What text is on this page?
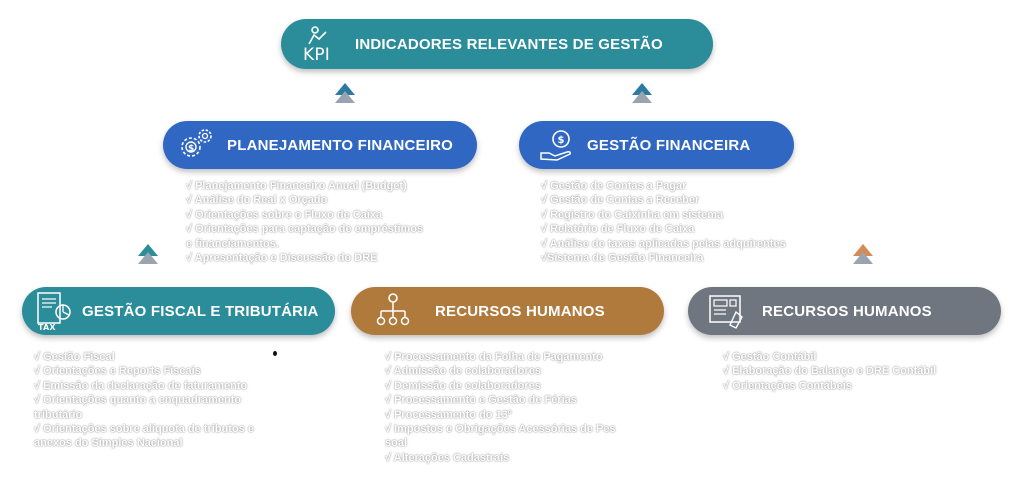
KPI
INDICADORES RELEVANTES DE GESTÃO
$ PLANEJAMENTO FINANCEIRO	$ GESTÃO FINANCEIRA
√ Planejamento Financeiro Anual (Budget)
√ Análise do Real x Orçado
√ Orientações sobre o Fluxo de Caixa
√ Orientações para captação de empréstimos
e financiamentos.
√ Apresentação e Discussão do DRE
√ Gestão de Contas a Pagar
√ Gestão de Contas a Receber
√ Registro do Caixinha em sistema
√ Relatório de Fluxo de Caixa
√ Análise de taxas aplicadas pelas adquirentes
√Sistema de Gestão Financeira
TAX
GESTÃO FISCAL E TRIBUTÁRIA	RECURSOS HUMANOS	RECURSOS HUMANOS
√ Gestão Fiscal
√ Orientações e Reports Fiscais
√ Emissão da declaração de faturamento
√ Orientações quanto a enquadramento
tributário
√ Orientações sobre alíquota de tributos e
anexos do Simples Nacional
√ Processamento da Folha de Pagamento
√ Admissão de colaboradores
√ Demissão de colaboradores
√ Processamento e Gestão de Férias
√ Processamento do 13º
√ Impostos e Obrigações Acessórias de Pes
soal
√ Alterações Cadastrais
√ Gestão Contábil
√ Elaboração do Balanço e DRE Contábil
√ Orientações Contábeis
